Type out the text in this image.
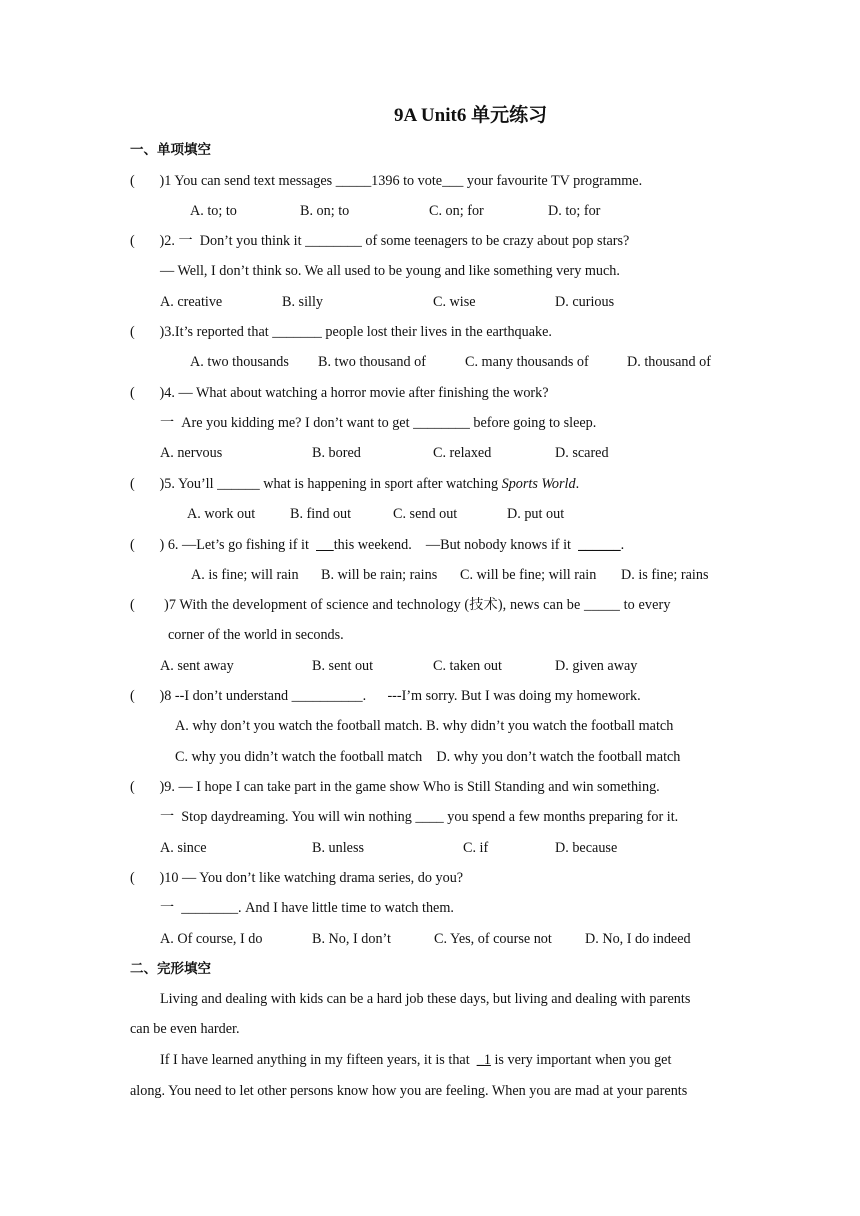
9A Unit6 单元练习
一、单项填空
(       )1 You can send text messages _____1396 to vote___ your favourite TV programme.
A. to; to	B. on; to	C. on; for	D. to; for
(       )2. 一  Don’t you think it ________ of some teenagers to be crazy about pop stars?
— Well, I don’t think so. We all used to be young and like something very much.
A. creative	B. silly	C. wise	D. curious
(       )3.It’s reported that _______ people lost their lives in the earthquake.
A. two thousands B. two thousand of	C. many thousands of	D. thousand of
(       )4. — What about watching a horror movie after finishing the work?
一  Are you kidding me? I don’t want to get ________ before going to sleep.
A. nervous	B. bored	C. relaxed	D. scared
(       )5. You’ll ______ what is happening in sport after watching Sports World.
A. work out B. find out	C. send out	D. put out
(       ) 6. —Let’s go fishing if it       this weekend.    —But nobody knows if it  ______.
A. is fine; will rain B. will be rain; rains C. will be fine; will rain D. is fine; rains
(        )7 With the development of science and technology (技术), news can be _____ to every
corner of the world in seconds.
A. sent away	B. sent out	C. taken out	D. given away
(       )8 --I don’t understand __________.      ---I’m sorry. But I was doing my homework.
A. why don’t you watch the football match. B. why didn’t you watch the football match
C. why you didn’t watch the football match    D. why you don’t watch the football match
(       )9. — I hope I can take part in the game show Who is Still Standing and win something.
一  Stop daydreaming. You will win nothing ____ you spend a few months preparing for it.
A. since	B. unless	C. if	D. because
(       )10 — You don’t like watching drama series, do you?
一  ________. And I have little time to watch them.
A. Of course, I do	B. No, I don’t	C. Yes, of course not D. No, I do indeed
二、完形填空
Living and dealing with kids can be a hard job these days, but living and dealing with parents
can be even harder.
If I have learned anything in my fifteen years, it is that  _1 is very important when you get
along. You need to let other persons know how you are feeling. When you are mad at your parents
